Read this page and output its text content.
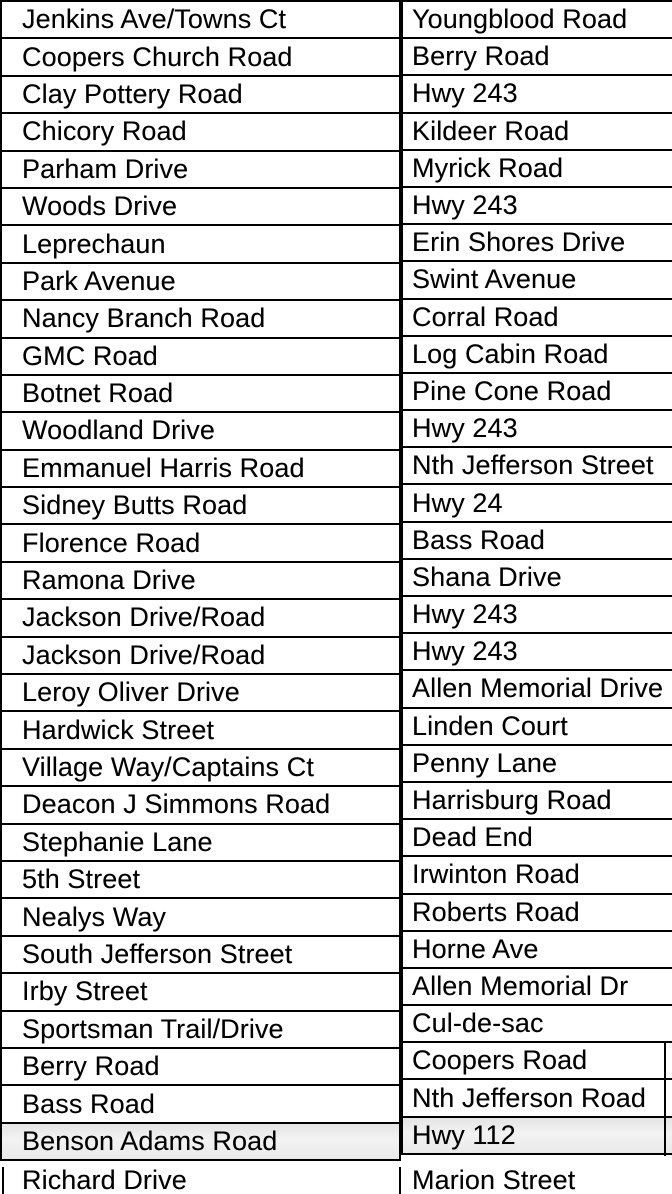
Jenkins Ave/Towns Ct
Coopers Church Road
Clay Pottery Road
Chicory Road
Parham Drive
Woods Drive
Leprechaun
Park Avenue
Nancy Branch Road
GMC Road
Botnet Road
Woodland Drive
Emmanuel Harris Road
Sidney Butts Road
Florence Road
Ramona Drive
Jackson Drive/Road
Jackson Drive/Road
Leroy Oliver Drive
Hardwick Street
Village Way/Captains Ct
Deacon J Simmons Road
Stephanie Lane
5th Street
Nealys Way
South Jefferson Street
Irby Street
Sportsman Trail/Drive
Berry Road
Bass Road
Benson Adams Road
Youngblood Road
Berry Road
Hwy 243
Kildeer Road
Myrick Road
Hwy 243
Erin Shores Drive
Swint Avenue
Corral Road
Log Cabin Road
Pine Cone Road
Hwy 243
Nth Jefferson Street
Hwy 24
Bass Road
Shana Drive
Hwy 243
Hwy 243
Allen Memorial Drive
Linden Court
Penny Lane
Harrisburg Road
Dead End
Irwinton Road
Roberts Road
Horne Ave
Allen Memorial Dr
Cul-de-sac
Coopers Road
Nth Jefferson Road
Hwy 112
Richard Drive	Marion Street
